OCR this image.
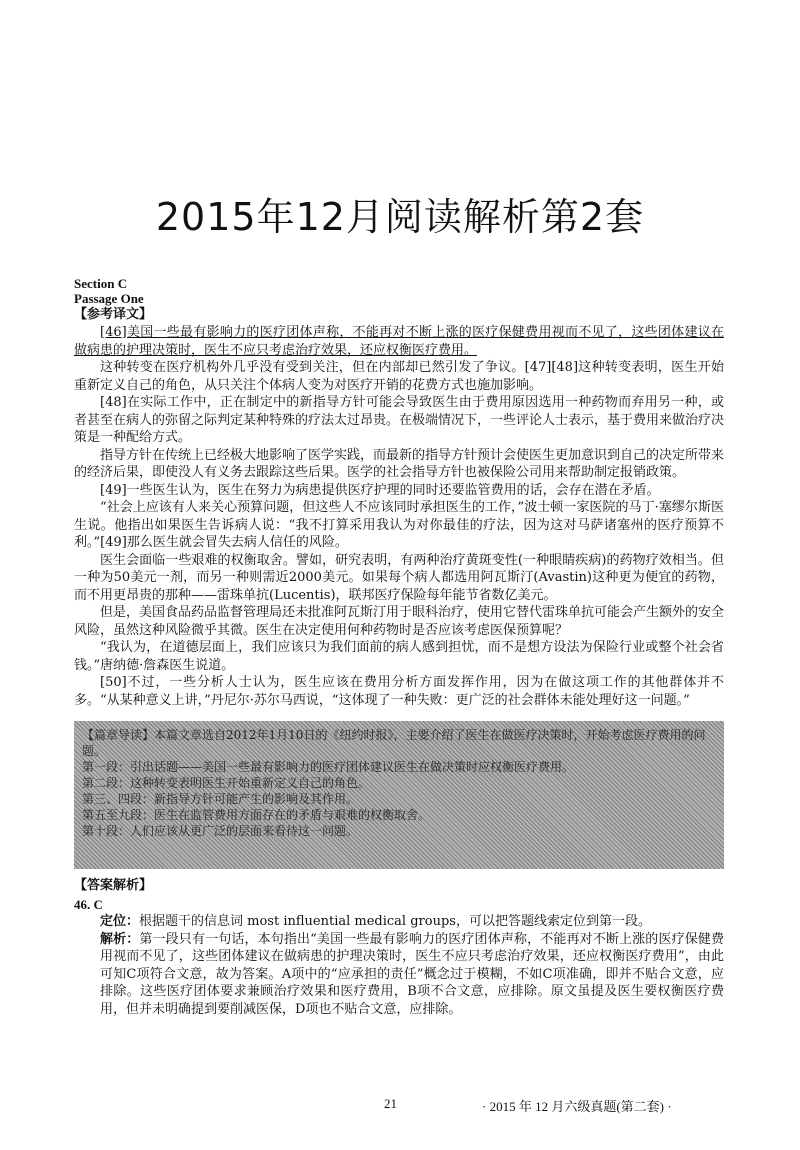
2015年12月阅读解析第2套
Section C
Passage One
【参考译文】

[46]美国一些最有影响力的医疗团体声称，不能再对不断上涨的医疗保健费用视而不见了，这些团体建议在做病患的护理决策时，医生不应只考虑治疗效果，还应权衡医疗费用。

这种转变在医疗机构外几乎没有受到关注，但在内部却已然引发了争议。[47][48]这种转变表明，医生开始重新定义自己的角色，从只关注个体病人变为对医疗开销的花费方式也施加影响。

[48]在实际工作中，正在制定中的新指导方针可能会导致医生由于费用原因选用一种药物而弃用另一种，或者甚至在病人的弥留之际判定某种特殊的疗法太过昂贵。在极端情况下，一些评论人士表示，基于费用来做治疗决策是一种配给方式。

指导方针在传统上已经极大地影响了医学实践，而最新的指导方针预计会使医生更加意识到自己的决定所带来的经济后果，即使没人有义务去跟踪这些后果。医学的社会指导方针也被保险公司用来帮助制定报销政策。

[49]一些医生认为，医生在努力为病患提供医疗护理的同时还要监管费用的话，会存在潜在矛盾。

“社会上应该有人来关心预算问题，但这些人不应该同时承担医生的工作，”波士顿一家医院的马丁·塞缪尔斯医生说。他指出如果医生告诉病人说：“我不打算采用我认为对你最佳的疗法，因为这对马萨诸塞州的医疗预算不利。”[49]那么医生就会冒失去病人信任的风险。

医生会面临一些艰难的权衡取舍。譬如，研究表明，有两种治疗黄斑变性(一种眼睛疾病)的药物疗效相当。但一种为50美元一剂，而另一种则需近2000美元。如果每个病人都选用阿瓦斯汀(Avastin)这种更为便宜的药物，而不用更昂贵的那种——雷珠单抗(Lucentis)，联邦医疗保险每年能节省数亿美元。

但是，美国食品药品监督管理局还未批准阿瓦斯汀用于眼科治疗，使用它替代雷珠单抗可能会产生额外的安全风险，虽然这种风险微乎其微。医生在决定使用何种药物时是否应该考虑医保预算呢？

“我认为，在道德层面上，我们应该只为我们面前的病人感到担忧，而不是想方设法为保险行业或整个社会省钱。”唐纳德·詹森医生说道。

[50]不过，一些分析人士认为，医生应该在费用分析方面发挥作用，因为在做这项工作的其他群体并不多。“从某种意义上讲，”丹尼尔·苏尔马西说，“这体现了一种失败：更广泛的社会群体未能处理好这一问题。”

【篇章导读】本篇文章选自2012年1月10日的《纽约时报》，主要介绍了医生在做医疗决策时，开始考虑医疗费用的问题。

第一段：引出话题——美国一些最有影响力的医疗团体建议医生在做决策时应权衡医疗费用。

第二段：这种转变表明医生开始重新定义自己的角色。

第三、四段：新指导方针可能产生的影响及其作用。

第五至九段：医生在监管费用方面存在的矛盾与艰难的权衡取舍。

第十段：人们应该从更广泛的层面来看待这一问题。

【答案解析】
46. C

定位：根据题干的信息词 most influential medical groups，可以把答题线索定位到第一段。

解析：第一段只有一句话，本句指出“美国一些最有影响力的医疗团体声称，不能再对不断上涨的医疗保健费用视而不见了，这些团体建议在做病患的护理决策时，医生不应只考虑治疗效果，还应权衡医疗费用”，由此可知C项符合文意，故为答案。A项中的“应承担的责任”概念过于模糊，不如C项准确，即并不贴合文意，应排除。这些医疗团体要求兼顾治疗效果和医疗费用，B项不合文意，应排除。原文虽提及医生要权衡医疗费用，但并未明确提到要削减医保，D项也不贴合文意，应排除。

21	· 2015 年 12 月六级真题(第二套) ·
